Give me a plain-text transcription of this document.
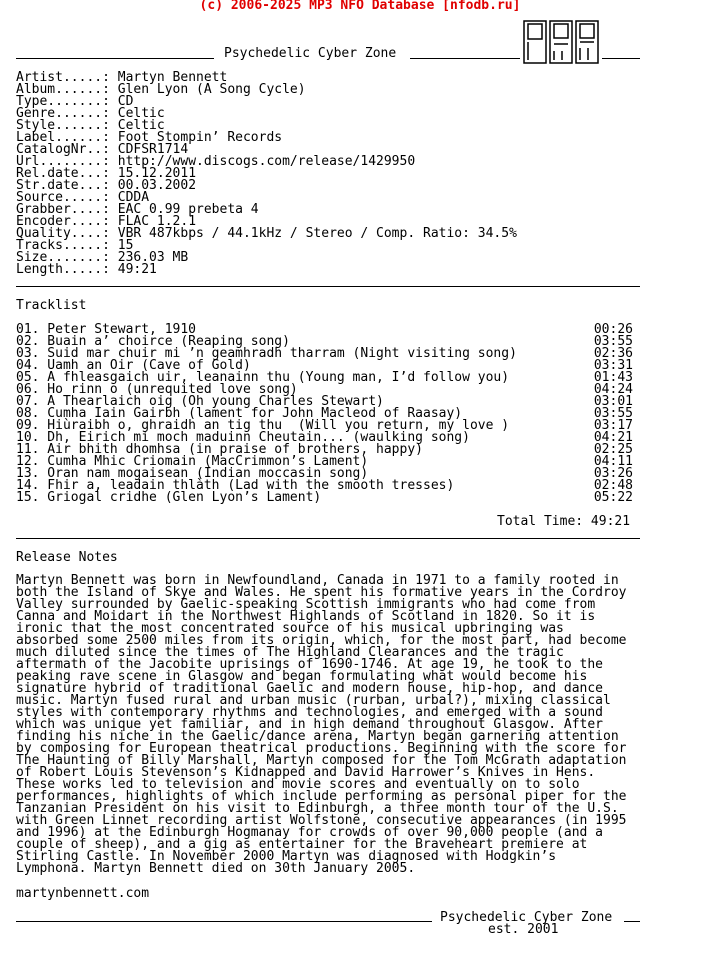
(c) 2006-2025 MP3 NFO Database [nfodb.ru]
Psychedelic Cyber Zone
Artist.....: Martyn Bennett
Album......: Glen Lyon (A Song Cycle)
Type.......: CD
Genre......: Celtic
Style......: Celtic
Label......: Foot Stompin’ Records
CatalogNr..: CDFSR1714
Url........: http://www.discogs.com/release/1429950
Rel.date...: 15.12.2011
Str.date...: 00.03.2002
Source.....: CDDA
Grabber....: EAC 0.99 prebeta 4
Encoder....: FLAC 1.2.1
Quality....: VBR 487kbps / 44.1kHz / Stereo / Comp. Ratio: 34.5%
Tracks.....: 15
Size.......: 236.03 MB
Length.....: 49:21
Tracklist
01. Peter Stewart, 1910	00:26
02. Buain a’ choirce (Reaping song)	03:55
03. Suid mar chuir mi ’n geamhradh tharram (Night visiting song)	02:36
04. Uamh an Oir (Cave of Gold)	03:31
05. A fhleasgaich uir, leanainn thu (Young man, I’d follow you)	01:43
06. Ho rinn o (unrequited love song)	04:24
07. A Thearlaich oig (Oh young Charles Stewart)	03:01
08. Cumha Iain Gairbh (lament for John Macleod of Raasay)	03:55
09. Hiùraibh o, ghraidh an tig thu  (Will you return, my love )	03:17
10. Dh, Eirich mi moch maduinn Cheutain... (waulking song)	04:21
11. Air bhith dhomhsa (in praise of brothers, happy)	02:25
12. Cumha Mhic Criomain (MacCrimmon’s Lament)	04:11
13. Oran nam mogaisean (Indian moccasin song)	03:26
14. Fhir a, leadain thlàth (Lad with the smooth tresses)	02:48
15. Griogal cridhe (Glen Lyon’s Lament)	05:22
Total Time: 49:21
Release Notes
Martyn Bennett was born in Newfoundland, Canada in 1971 to a family rooted in
both the Island of Skye and Wales. He spent his formative years in the Cordroy
Valley surrounded by Gaelic-speaking Scottish immigrants who had come from
Canna and Moidart in the Northwest Highlands of Scotland in 1820. So it is
ironic that the most concentrated source of his musical upbringing was
absorbed some 2500 miles from its origin, which, for the most part, had become
much diluted since the times of The Highland Clearances and the tragic
aftermath of the Jacobite uprisings of 1690-1746. At age 19, he took to the
peaking rave scene in Glasgow and began formulating what would become his
signature hybrid of traditional Gaelic and modern house, hip-hop, and dance
music. Martyn fused rural and urban music (rurban, urbal?), mixing classical
styles with contemporary rhythms and technologies, and emerged with a sound
which was unique yet familiar, and in high demand throughout Glasgow. After
finding his niche in the Gaelic/dance arena, Martyn began garnering attention
by composing for European theatrical productions. Beginning with the score for
The Haunting of Billy Marshall, Martyn composed for the Tom McGrath adaptation
of Robert Louis Stevenson’s Kidnapped and David Harrower’s Knives in Hens.
These works led to television and movie scores and eventually on to solo
performances, highlights of which include performing as personal piper for the
Tanzanian President on his visit to Edinburgh, a three month tour of the U.S.
with Green Linnet recording artist Wolfstone, consecutive appearances (in 1995
and 1996) at the Edinburgh Hogmanay for crowds of over 90,000 people (and a
couple of sheep), and a gig as entertainer for the Braveheart premiere at
Stirling Castle. In November 2000 Martyn was diagnosed with Hodgkin’s
Lymphona. Martyn Bennett died on 30th January 2005.
martynbennett.com
Psychedelic Cyber Zone
est. 2001
